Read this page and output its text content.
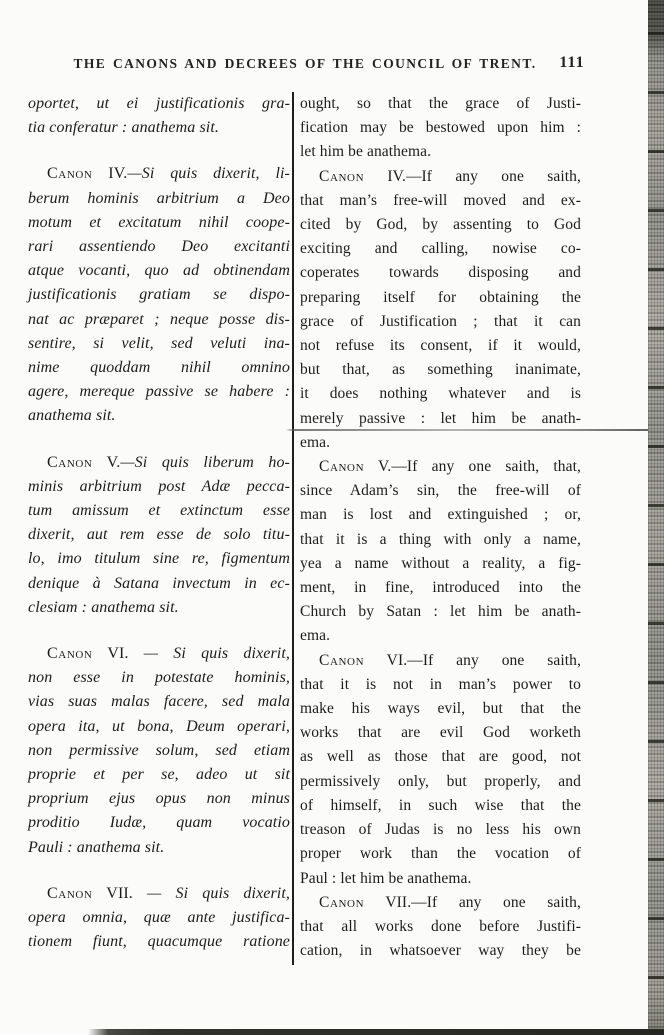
THE CANONS AND DECREES OF THE COUNCIL OF TRENT.	111
oportet, ut ei justificationis gra-
tia conferatur : anathema sit.
Canon IV.—Si quis dixerit, li-
berum hominis arbitrium a Deo
motum et excitatum nihil coope-
rari assentiendo Deo excitanti
atque vocanti, quo ad obtinendam
justificationis gratiam se dispo-
nat ac præparet ; neque posse dis-
sentire, si velit, sed veluti ina-
nime quoddam nihil omnino
agere, mereque passive se habere :
anathema sit.
Canon V.—Si quis liberum ho-
minis arbitrium post Adæ pecca-
tum amissum et extinctum esse
dixerit, aut rem esse de solo titu-
lo, imo titulum sine re, figmentum
denique à Satana invectum in ec-
clesiam : anathema sit.
Canon VI. — Si quis dixerit,
non esse in potestate hominis,
vias suas malas facere, sed mala
opera ita, ut bona, Deum operari,
non permissive solum, sed etiam
proprie et per se, adeo ut sit
proprium ejus opus non minus
proditio Iudæ, quam vocatio
Pauli : anathema sit.
Canon VII. — Si quis dixerit,
opera omnia, quæ ante justifica-
tionem fiunt, quacumque ratione
ought, so that the grace of Justi-
fication may be bestowed upon him :
let him be anathema.
Canon IV.—If any one saith,
that man’s free-will moved and ex-
cited by God, by assenting to God
exciting and calling, nowise co-
coperates towards disposing and
preparing itself for obtaining the
grace of Justification ; that it can
not refuse its consent, if it would,
but that, as something inanimate,
it does nothing whatever and is
merely passive : let him be anath-
ema.
Canon V.—If any one saith, that,
since Adam’s sin, the free-will of
man is lost and extinguished ; or,
that it is a thing with only a name,
yea a name without a reality, a fig-
ment, in fine, introduced into the
Church by Satan : let him be anath-
ema.
Canon VI.—If any one saith,
that it is not in man’s power to
make his ways evil, but that the
works that are evil God worketh
as well as those that are good, not
permissively only, but properly, and
of himself, in such wise that the
treason of Judas is no less his own
proper work than the vocation of
Paul : let him be anathema.
Canon VII.—If any one saith,
that all works done before Justifi-
cation, in whatsoever way they be
